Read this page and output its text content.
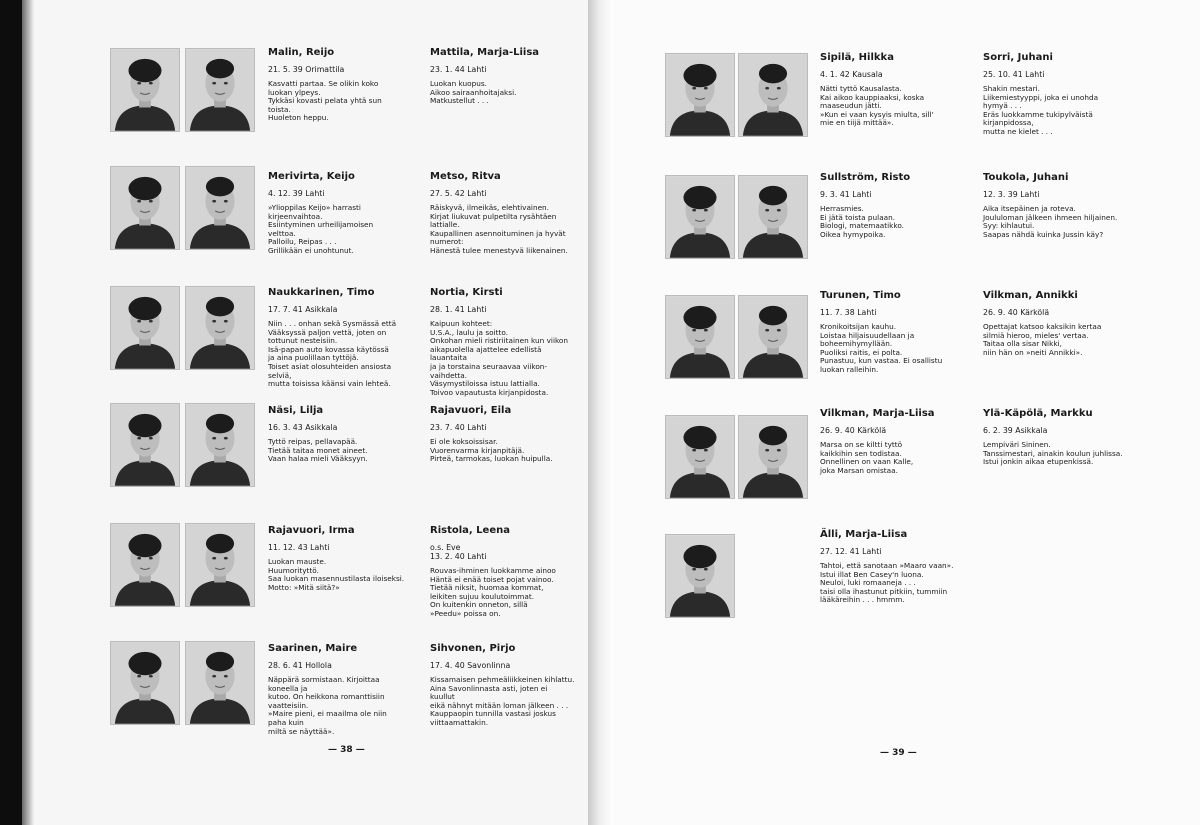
Malin, Reijo
21. 5. 39 Orimattila
Kasvatti partaa. Se olikin koko
luokan ylpeys.
Tykkäsi kovasti pelata yhtä sun
toista.
Huoleton heppu.
Mattila, Marja-Liisa
23. 1. 44 Lahti
Luokan kuopus.
Aikoo sairaanhoitajaksi.
Matkustellut . . .
Merivirta, Keijo
4. 12. 39 Lahti
»Ylioppilas Keijo» harrasti
kirjeenvaihtoa.
Esiintyminen urheilijamoisen
velttoa.
Palloilu, Reipas . . .
Grillikään ei unohtunut.
Metso, Ritva
27. 5. 42 Lahti
Räiskyvä, ilmeikäs, elehtivainen.
Kirjat liukuvat pulpetilta rysähtäen
lattialle.
Kaupallinen asennoituminen ja hyvät
numerot:
Hänestä tulee menestyvä liikenainen.
Naukkarinen, Timo
17. 7. 41 Asikkala
Niin . . . onhan sekä Sysmässä että
Vääksyssä paljon vettä, joten on
tottunut nesteisiin.
Isä-papan auto kovassa käytössä
ja aina puolillaan tyttöjä.
Toiset asiat olosuhteiden ansiosta
selviä,
mutta toisissa käänsi vain lehteä.
Nortia, Kirsti
28. 1. 41 Lahti
Kaipuun kohteet:
U.S.A., laulu ja soitto.
Onkohan mieli ristiriitainen kun viikon
aikapuolella ajattelee edellistä
lauantaita
ja ja torstaina seuraavaa viikon-
vaihdetta.
Väsymystiloissa istuu lattialla.
Toivoo vapautusta kirjanpidosta.
Näsi, Lilja
16. 3. 43 Asikkala
Tyttö reipas, pellavapää.
Tietää taitaa monet aineet.
Vaan halaa mieli Vääksyyn.
Rajavuori, Eila
23. 7. 40 Lahti
Ei ole koksoissisar.
Vuorenvarma kirjanpitäjä.
Pirteä, tarmokas, luokan huipulla.
Rajavuori, Irma
11. 12. 43 Lahti
Luokan mauste.
Huumorityttö.
Saa luokan masennustilasta iloiseksi.
Motto: »Mitä siitä?»
Ristola, Leena
o.s. Eve
13. 2. 40 Lahti
Rouvas-ihminen luokkamme ainoo
Häntä ei enää toiset pojat vainoo.
Tietää niksit, huomaa kommat,
leikiten sujuu koulutoimmat.
On kuitenkin onneton, sillä
»Peedu» poissa on.
Saarinen, Maire
28. 6. 41 Hollola
Näppärä sormistaan. Kirjoittaa
koneella ja
kutoo. On heikkona romanttisiin
vaatteisiin.
»Maire pieni, ei maailma ole niin
paha kuin
miltä se näyttää».
Sihvonen, Pirjo
17. 4. 40 Savonlinna
Kissamaisen pehmeäliikkeinen kihlattu.
Aina Savonlinnasta asti, joten ei
kuullut
eikä nähnyt mitään loman jälkeen . . .
Kauppaopin tunnilla vastasi joskus
viittaamattakin.
Sipilä, Hilkka
4. 1. 42 Kausala
Nätti tyttö Kausalasta.
Kai aikoo kauppiaaksi, koska
maaseudun jätti.
»Kun ei vaan kysyis miulta, sill'
mie en tiijä mittää».
Sorri, Juhani
25. 10. 41 Lahti
Shakin mestari.
Liikemiestyyppi, joka ei unohda
hymyä . . .
Eräs luokkamme tukipylväistä
kirjanpidossa,
mutta ne kielet . . .
Sullström, Risto
9. 3. 41 Lahti
Herrasmies.
Ei jätä toista pulaan.
Biologi, matemaatikko.
Oikea hymypoika.
Toukola, Juhani
12. 3. 39 Lahti
Aika itsepäinen ja roteva.
Joululoman jälkeen ihmeen hiljainen.
Syy: kihlautui.
Saapas nähdä kuinka Jussin käy?
Turunen, Timo
11. 7. 38 Lahti
Kronikoitsijan kauhu.
Loistaa hiljaisuudellaan ja
boheemihymyllään.
Puoliksi raitis, ei polta.
Punastuu, kun vastaa. Ei osallistu
luokan ralleihin.
Vilkman, Annikki
26. 9. 40 Kärkölä
Opettajat katsoo kaksikin kertaa
silmiä hieroo, mieles' vertaa.
Taitaa olla sisar Nikki,
niin hän on »neiti Annikki».
Vilkman, Marja-Liisa
26. 9. 40 Kärkölä
Marsa on se kiltti tyttö
kaikkihin sen todistaa.
Onnellinen on vaan Kalle,
joka Marsan omistaa.
Ylä-Käpölä, Markku
6. 2. 39 Asikkala
Lempiväri Sininen.
Tanssimestari, ainakin koulun juhlissa.
Istui jonkin aikaa etupenkissä.
Älli, Marja-Liisa
27. 12. 41 Lahti
Tahtoi, että sanotaan »Maaro vaan».
Istui illat Ben Casey'n luona.
Neuloi, luki romaaneja . . .
taisi olla ihastunut pitkiin, tummiin
lääkäreihin . . . hmmm.
— 38 —	— 39 —
